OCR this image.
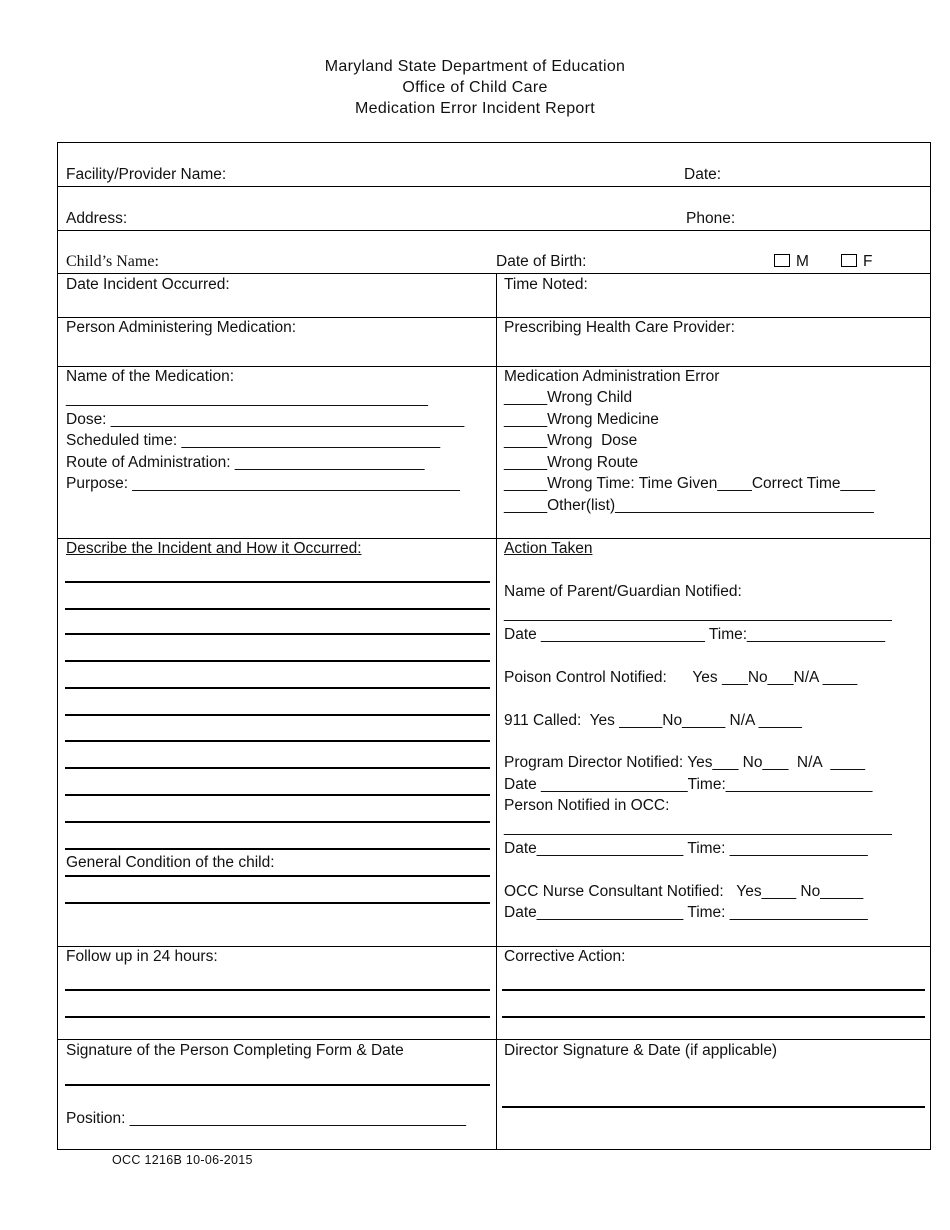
Maryland State Department of Education
Office of Child Care
Medication Error Incident Report
Facility/Provider Name:	Date:
Address:	Phone:
Child’s Name:	Date of Birth:	M	F
Date Incident Occurred:	Time Noted:
Person Administering Medication:	Prescribing Health Care Provider:
Name of the Medication:
__________________________________________
Dose: _________________________________________
Scheduled time: ______________________________
Route of Administration: ______________________
Purpose: ______________________________________
Medication Administration Error
_____Wrong Child
_____Wrong Medicine
_____Wrong  Dose
_____Wrong Route
_____Wrong Time: Time Given____Correct Time____
_____Other(list)______________________________
Describe the Incident and How it Occurred:
General Condition of the child:
Action Taken
Name of Parent/Guardian Notified:
_____________________________________________
Date ___________________ Time:________________
Poison Control Notified:      Yes ___No___N/A ____
911 Called:  Yes _____No_____ N/A _____
Program Director Notified: Yes___ No___  N/A  ____
Date _________________Time:_________________
Person Notified in OCC:
_____________________________________________
Date_________________ Time: ________________
OCC Nurse Consultant Notified:   Yes____ No_____
Date_________________ Time: ________________
Follow up in 24 hours:	Corrective Action:
Signature of the Person Completing Form & Date
Position: _______________________________________
Director Signature & Date (if applicable)
OCC 1216B 10-06-2015
